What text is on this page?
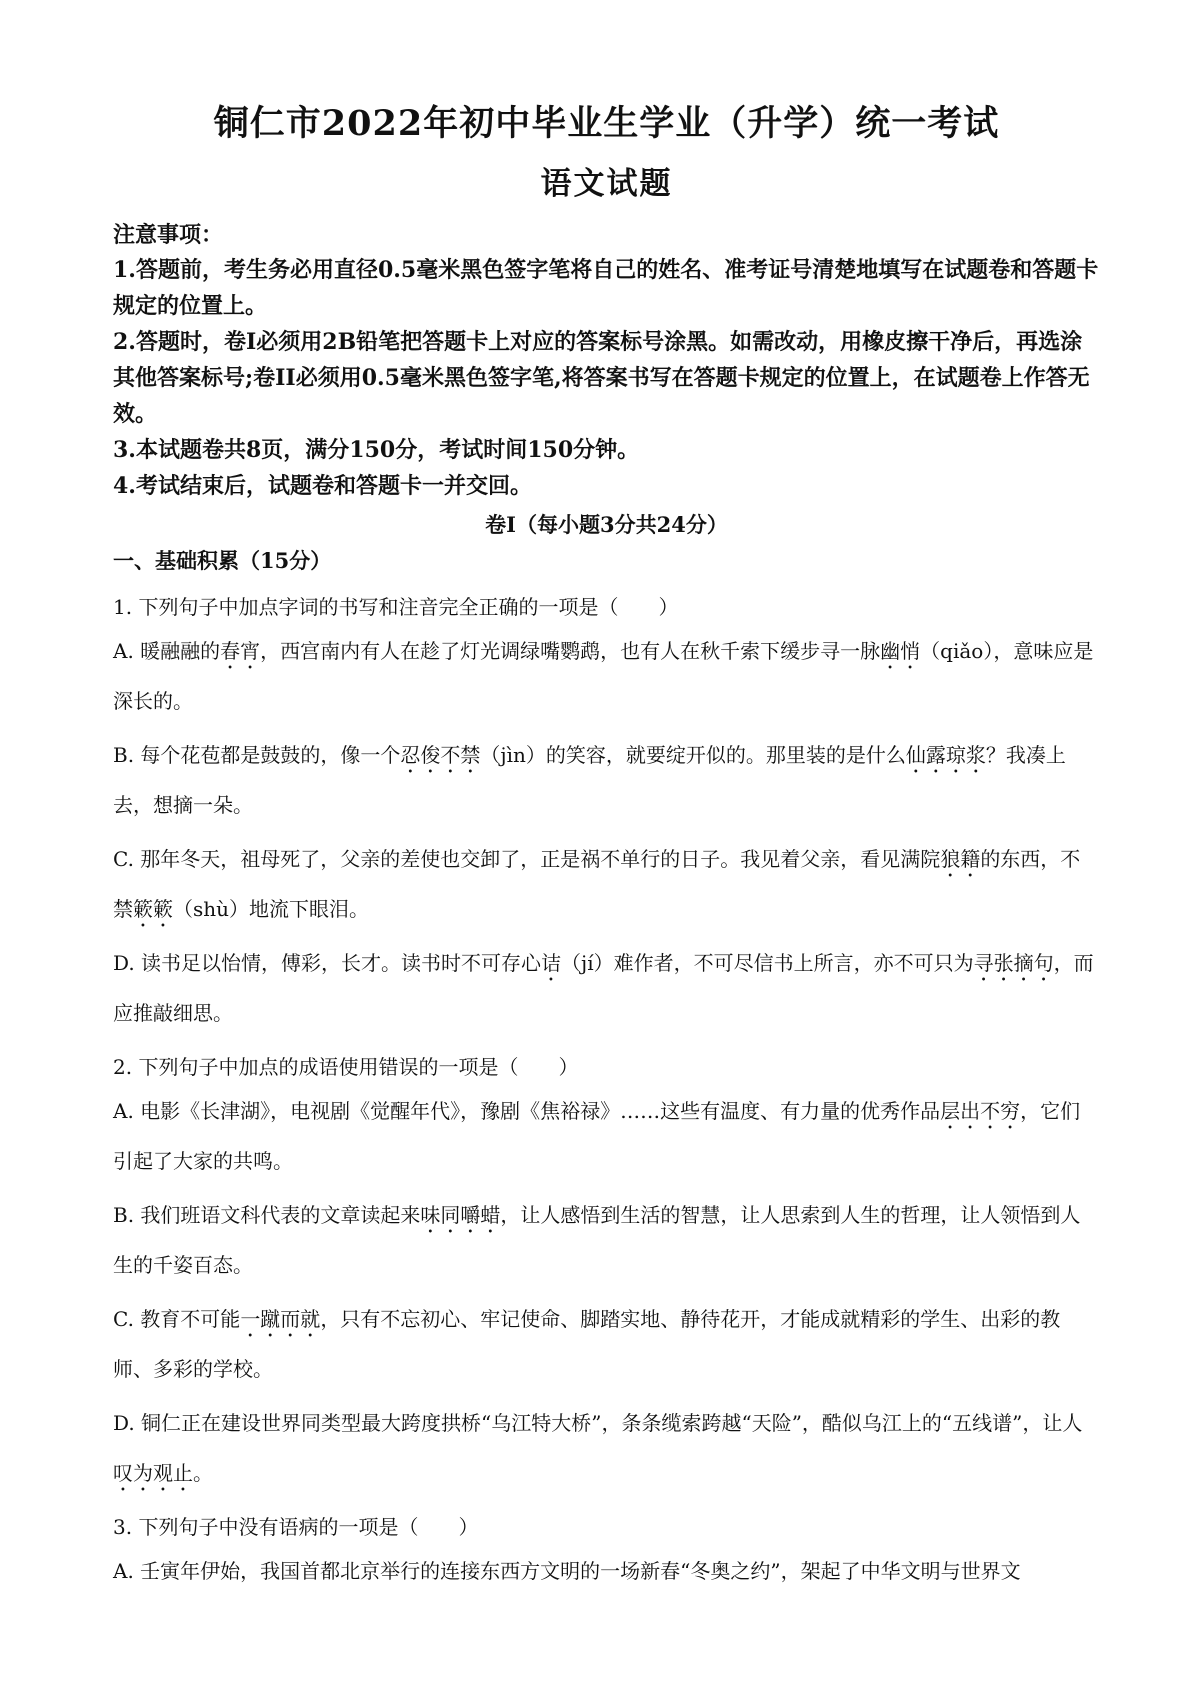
铜仁市2022年初中毕业生学业（升学）统一考试
语文试题
注意事项：
1.答题前，考生务必用直径0.5毫米黑色签字笔将自己的姓名、准考证号清楚地填写在试题卷和答题卡规定的位置上。
2.答题时，卷I必须用2B铅笔把答题卡上对应的答案标号涂黑。如需改动，用橡皮擦干净后，再选涂其他答案标号;卷II必须用0.5毫米黑色签字笔,将答案书写在答题卡规定的位置上，在试题卷上作答无效。
3.本试题卷共8页，满分150分，考试时间150分钟。
4.考试结束后，试题卷和答题卡一并交回。
卷I（每小题3分共24分）
一、基础积累（15分）
1. 下列句子中加点字词的书写和注音完全正确的一项是（　　）
A. 暖融融的春宵，西宫南内有人在趁了灯光调绿嘴鹦鹉，也有人在秋千索下缓步寻一脉幽悄（qiǎo），意味应是深长的。
B. 每个花苞都是鼓鼓的，像一个忍俊不禁（jìn）的笑容，就要绽开似的。那里装的是什么仙露琼浆？我凑上去，想摘一朵。
C. 那年冬天，祖母死了，父亲的差使也交卸了，正是祸不单行的日子。我见着父亲，看见满院狼籍的东西，不禁簌簌（shù）地流下眼泪。
D. 读书足以怡情，傅彩，长才。读书时不可存心诘（jí）难作者，不可尽信书上所言，亦不可只为寻张摘句，而应推敲细思。
2. 下列句子中加点的成语使用错误的一项是（　　）
A. 电影《长津湖》，电视剧《觉醒年代》，豫剧《焦裕禄》……这些有温度、有力量的优秀作品层出不穷，它们引起了大家的共鸣。
B. 我们班语文科代表的文章读起来味同嚼蜡，让人感悟到生活的智慧，让人思索到人生的哲理，让人领悟到人生的千姿百态。
C. 教育不可能一蹴而就，只有不忘初心、牢记使命、脚踏实地、静待花开，才能成就精彩的学生、出彩的教师、多彩的学校。
D. 铜仁正在建设世界同类型最大跨度拱桥“乌江特大桥”，条条缆索跨越“天险”，酷似乌江上的“五线谱”，让人叹为观止。
3. 下列句子中没有语病的一项是（　　）
A. 壬寅年伊始，我国首都北京举行的连接东西方文明的一场新春“冬奥之约”，架起了中华文明与世界文
